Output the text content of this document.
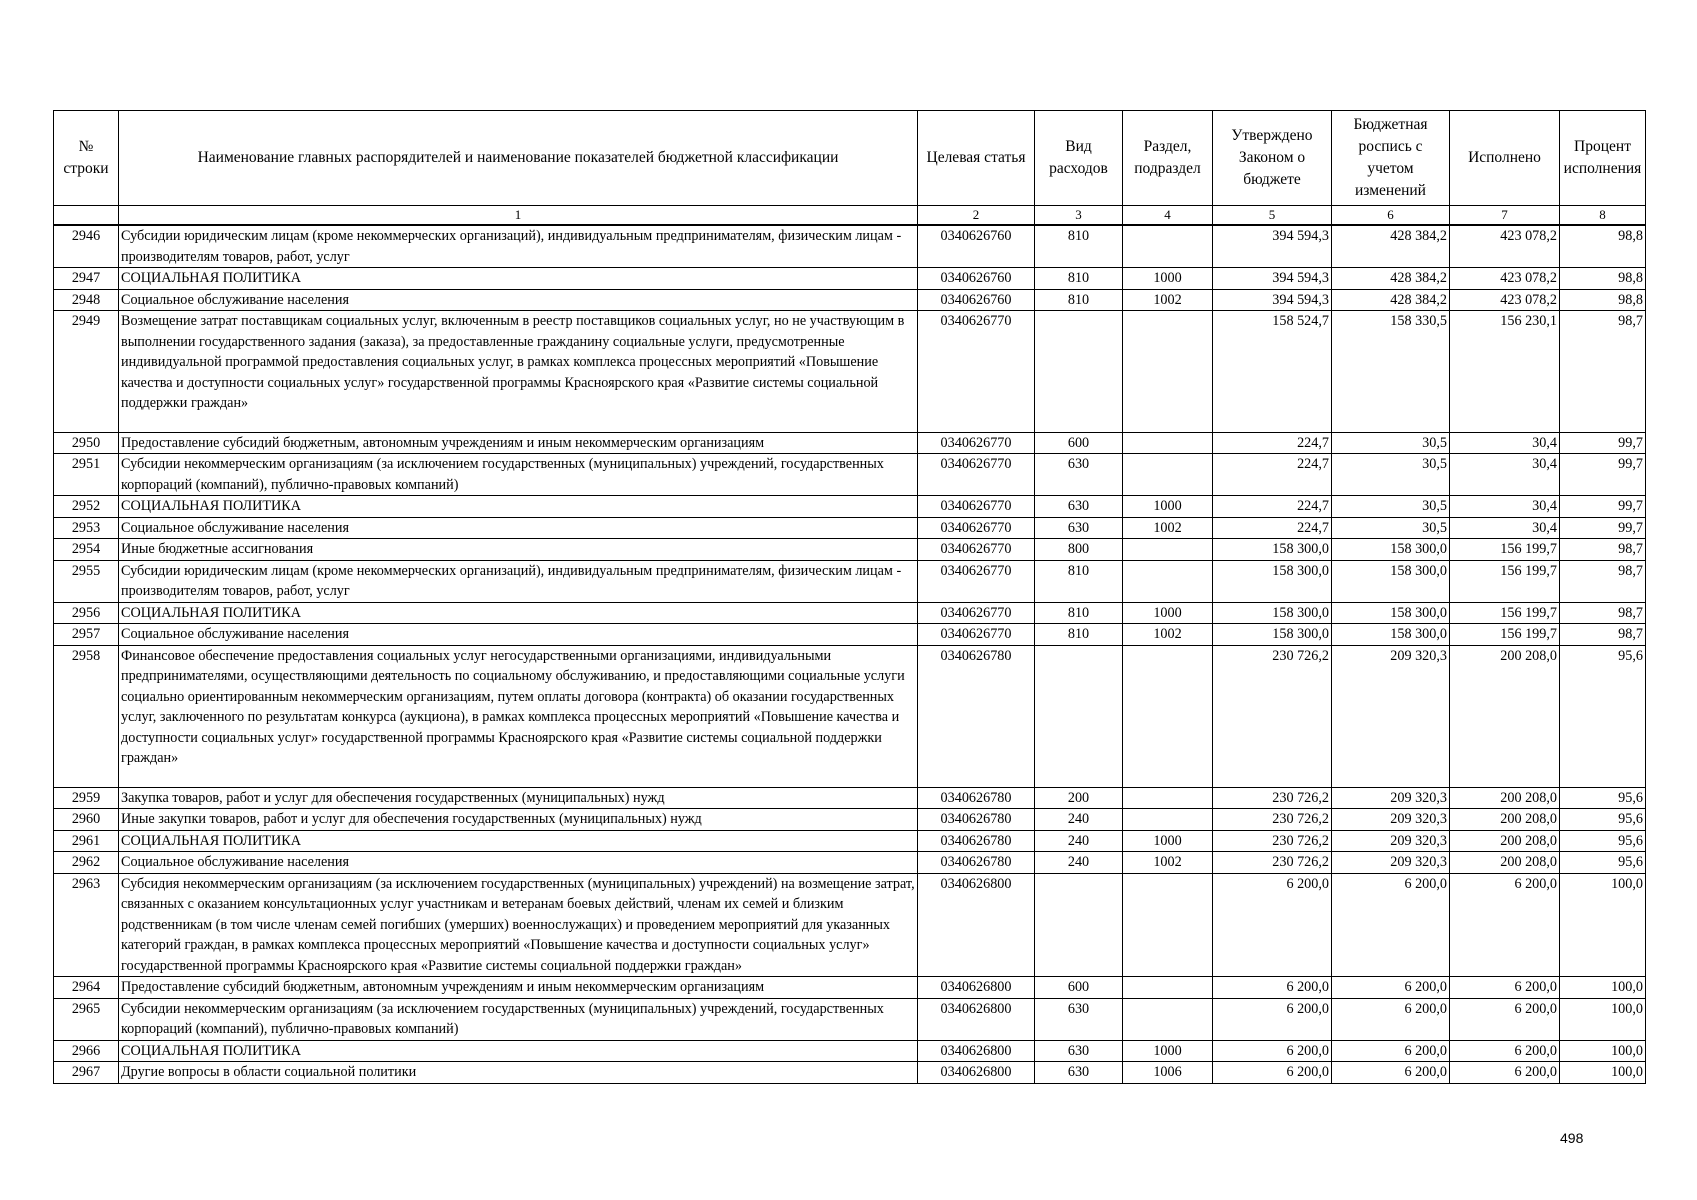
№ строки	Наименование главных распорядителей и наименование показателей бюджетной классификации	Целевая статья	Вид расходов	Раздел, подраздел	Утверждено Законом о бюджете	Бюджетная роспись с учетом изменений	Исполнено	Процент исполнения
	1	2	3	4	5	6	7	8
2946	Субсидии юридическим лицам (кроме некоммерческих организаций), индивидуальным предпринимателям, физическим лицам - производителям товаров, работ, услуг	0340626760	810		394 594,3	428 384,2	423 078,2	98,8
2947	СОЦИАЛЬНАЯ ПОЛИТИКА	0340626760	810	1000	394 594,3	428 384,2	423 078,2	98,8
2948	Социальное обслуживание населения	0340626760	810	1002	394 594,3	428 384,2	423 078,2	98,8
2949	Возмещение затрат поставщикам социальных услуг, включенным в реестр поставщиков социальных услуг, но не участвующим в выполнении государственного задания (заказа), за предоставленные гражданину социальные услуги, предусмотренные индивидуальной программой предоставления социальных услуг, в рамках комплекса процессных мероприятий «Повышение качества и доступности социальных услуг» государственной программы Красноярского края «Развитие системы социальной поддержки граждан»	0340626770			158 524,7	158 330,5	156 230,1	98,7
2950	Предоставление субсидий бюджетным, автономным учреждениям и иным некоммерческим организациям	0340626770	600		224,7	30,5	30,4	99,7
2951	Субсидии некоммерческим организациям (за исключением государственных (муниципальных) учреждений, государственных корпораций (компаний), публично-правовых компаний)	0340626770	630		224,7	30,5	30,4	99,7
2952	СОЦИАЛЬНАЯ ПОЛИТИКА	0340626770	630	1000	224,7	30,5	30,4	99,7
2953	Социальное обслуживание населения	0340626770	630	1002	224,7	30,5	30,4	99,7
2954	Иные бюджетные ассигнования	0340626770	800		158 300,0	158 300,0	156 199,7	98,7
2955	Субсидии юридическим лицам (кроме некоммерческих организаций), индивидуальным предпринимателям, физическим лицам - производителям товаров, работ, услуг	0340626770	810		158 300,0	158 300,0	156 199,7	98,7
2956	СОЦИАЛЬНАЯ ПОЛИТИКА	0340626770	810	1000	158 300,0	158 300,0	156 199,7	98,7
2957	Социальное обслуживание населения	0340626770	810	1002	158 300,0	158 300,0	156 199,7	98,7
2958	Финансовое обеспечение предоставления социальных услуг негосударственными организациями, индивидуальными предпринимателями, осуществляющими деятельность по социальному обслуживанию, и предоставляющими социальные услуги социально ориентированным некоммерческим организациям, путем оплаты договора (контракта) об оказании государственных услуг, заключенного по результатам конкурса (аукциона), в рамках комплекса процессных мероприятий «Повышение качества и доступности социальных услуг» государственной программы Красноярского края «Развитие системы социальной поддержки граждан»	0340626780			230 726,2	209 320,3	200 208,0	95,6
2959	Закупка товаров, работ и услуг для обеспечения государственных (муниципальных) нужд	0340626780	200		230 726,2	209 320,3	200 208,0	95,6
2960	Иные закупки товаров, работ и услуг для обеспечения государственных (муниципальных) нужд	0340626780	240		230 726,2	209 320,3	200 208,0	95,6
2961	СОЦИАЛЬНАЯ ПОЛИТИКА	0340626780	240	1000	230 726,2	209 320,3	200 208,0	95,6
2962	Социальное обслуживание населения	0340626780	240	1002	230 726,2	209 320,3	200 208,0	95,6
2963	Субсидия некоммерческим организациям (за исключением государственных (муниципальных) учреждений) на возмещение затрат, связанных с оказанием консультационных услуг участникам и ветеранам боевых действий, членам их семей и близким родственникам (в том числе членам семей погибших (умерших) военнослужащих) и проведением мероприятий для указанных категорий граждан, в рамках комплекса процессных мероприятий «Повышение качества и доступности социальных услуг» государственной программы Красноярского края «Развитие системы социальной поддержки граждан»	0340626800			6 200,0	6 200,0	6 200,0	100,0
2964	Предоставление субсидий бюджетным, автономным учреждениям и иным некоммерческим организациям	0340626800	600		6 200,0	6 200,0	6 200,0	100,0
2965	Субсидии некоммерческим организациям (за исключением государственных (муниципальных) учреждений, государственных корпораций (компаний), публично-правовых компаний)	0340626800	630		6 200,0	6 200,0	6 200,0	100,0
2966	СОЦИАЛЬНАЯ ПОЛИТИКА	0340626800	630	1000	6 200,0	6 200,0	6 200,0	100,0
2967	Другие вопросы в области социальной политики	0340626800	630	1006	6 200,0	6 200,0	6 200,0	100,0
498
